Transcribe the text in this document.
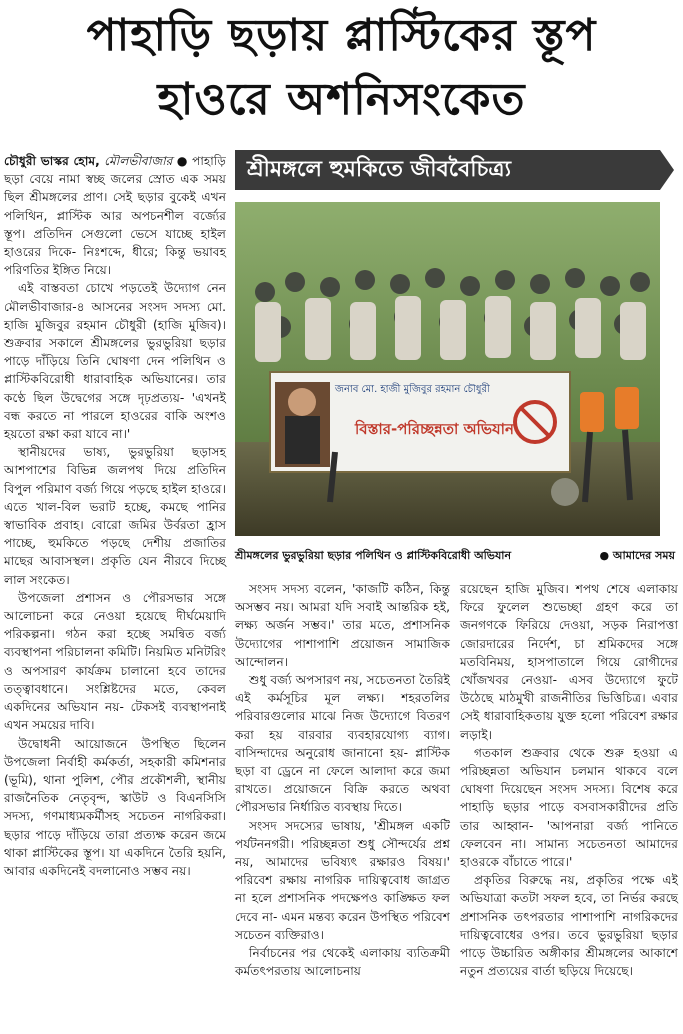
পাহাড়ি ছড়ায় প্লাস্টিকের স্তূপ
হাওরে অশনিসংকেত

চৌধুরী ভাস্কর হোম, মৌলভীবাজার ● পাহাড়ি ছড়া বেয়ে নামা স্বচ্ছ জলের স্রোত এক সময় ছিল শ্রীমঙ্গলের প্রাণ। সেই ছড়ার বুকেই এখন পলিথিন, প্লাস্টিক আর অপচনশীল বর্জ্যের স্তূপ। প্রতিদিন সেগুলো ভেসে যাচ্ছে হাইল হাওরের দিকে- নিঃশব্দে, ধীরে; কিন্তু ভয়াবহ পরিণতির ইঙ্গিত নিয়ে।

এই বাস্তবতা চোখে পড়তেই উদ্যোগ নেন মৌলভীবাজার-৪ আসনের সংসদ সদস্য মো. হাজি মুজিবুর রহমান চৌধুরী (হাজি মুজিব)। শুক্রবার সকালে শ্রীমঙ্গলের ভুরভুরিয়া ছড়ার পাড়ে দাঁড়িয়ে তিনি ঘোষণা দেন পলিথিন ও প্লাস্টিকবিরোধী ধারাবাহিক অভিযানের। তার কণ্ঠে ছিল উদ্বেগের সঙ্গে দৃঢ়প্রত্যয়- 'এখনই বন্ধ করতে না পারলে হাওরের বাকি অংশও হয়তো রক্ষা করা যাবে না।'

স্থানীয়দের ভাষ্য, ভুরভুরিয়া ছড়াসহ আশপাশের বিভিন্ন জলপথ দিয়ে প্রতিদিন বিপুল পরিমাণ বর্জ্য গিয়ে পড়ছে হাইল হাওরে। এতে খাল-বিল ভরাট হচ্ছে, কমছে পানির স্বাভাবিক প্রবাহ। বোরো জমির উর্বরতা হ্রাস পাচ্ছে, হুমকিতে পড়ছে দেশীয় প্রজাতির মাছের আবাসস্থল। প্রকৃতি যেন নীরবে দিচ্ছে লাল সংকেত।

উপজেলা প্রশাসন ও পৌরসভার সঙ্গে আলোচনা করে নেওয়া হয়েছে দীর্ঘমেয়াদি পরিকল্পনা। গঠন করা হচ্ছে সমন্বিত বর্জ্য ব্যবস্থাপনা পরিচালনা কমিটি। নিয়মিত মনিটরিং ও অপসারণ কার্যক্রম চালানো হবে তাদের তত্ত্বাবধানে। সংশ্লিষ্টদের মতে, কেবল একদিনের অভিযান নয়- টেকসই ব্যবস্থাপনাই এখন সময়ের দাবি।

উদ্বোধনী আয়োজনে উপস্থিত ছিলেন উপজেলা নির্বাহী কর্মকর্তা, সহকারী কমিশনার (ভূমি), থানা পুলিশ, পৌর প্রকৌশলী, স্থানীয় রাজনৈতিক নেতৃবৃন্দ, স্কাউট ও বিএনসিসি সদস্য, গণমাধ্যমকর্মীসহ সচেতন নাগরিকরা। ছড়ার পাড়ে দাঁড়িয়ে তারা প্রত্যক্ষ করেন জমে থাকা প্লাস্টিকের স্তূপ। যা একদিনে তৈরি হয়নি, আবার একদিনেই বদলানোও সম্ভব নয়।

শ্রীমঙ্গলে হুমকিতে জীববৈচিত্র্য
জনাব মো. হাজী মুজিবুর রহমান চৌধুরী
বিস্তার-পরিচ্ছন্নতা অভিযান
শ্রীমঙ্গলের ভুরভুরিয়া ছড়ার পলিথিন ও প্লাস্টিকবিরোধী অভিযান	● আমাদের সময়

সংসদ সদস্য বলেন, 'কাজটি কঠিন, কিন্তু অসম্ভব নয়। আমরা যদি সবাই আন্তরিক হই, লক্ষ্য অর্জন সম্ভব।' তার মতে, প্রশাসনিক উদ্যোগের পাশাপাশি প্রয়োজন সামাজিক আন্দোলন।

শুধু বর্জ্য অপসারণ নয়, সচেতনতা তৈরিই এই কর্মসূচির মূল লক্ষ্য। শহরতলির পরিবারগুলোর মাঝে নিজ উদ্যোগে বিতরণ করা হয় বারবার ব্যবহারযোগ্য ব্যাগ। বাসিন্দাদের অনুরোধ জানানো হয়- প্লাস্টিক ছড়া বা ড্রেনে না ফেলে আলাদা করে জমা রাখতে। প্রয়োজনে বিক্রি করতে অথবা পৌরসভার নির্ধারিত ব্যবস্থায় দিতে।

সংসদ সদস্যের ভাষায়, 'শ্রীমঙ্গল একটি পর্যটননগরী। পরিচ্ছন্নতা শুধু সৌন্দর্যের প্রশ্ন নয়, আমাদের ভবিষ্যৎ রক্ষারও বিষয়।' পরিবেশ রক্ষায় নাগরিক দায়িত্ববোধ জাগ্রত না হলে প্রশাসনিক পদক্ষেপও কাঙ্ক্ষিত ফল দেবে না- এমন মন্তব্য করেন উপস্থিত পরিবেশ সচেতন ব্যক্তিরাও।

নির্বাচনের পর থেকেই এলাকায় ব্যতিক্রমী কর্মতৎপরতায় আলোচনায়

রয়েছেন হাজি মুজিব। শপথ শেষে এলাকায় ফিরে ফুলেল শুভেচ্ছা গ্রহণ করে তা জনগণকে ফিরিয়ে দেওয়া, সড়ক নিরাপত্তা জোরদারের নির্দেশ, চা শ্রমিকদের সঙ্গে মতবিনিময়, হাসপাতালে গিয়ে রোগীদের খোঁজখবর নেওয়া- এসব উদ্যোগে ফুটে উঠেছে মাঠমুখী রাজনীতির ভিত্তিচিত্র। এবার সেই ধারাবাহিকতায় যুক্ত হলো পরিবেশ রক্ষার লড়াই।

গতকাল শুক্রবার থেকে শুরু হওয়া এ পরিচ্ছন্নতা অভিযান চলমান থাকবে বলে ঘোষণা দিয়েছেন সংসদ সদস্য। বিশেষ করে পাহাড়ি ছড়ার পাড়ে বসবাসকারীদের প্রতি তার আহ্বান- 'আপনারা বর্জ্য পানিতে ফেলবেন না। সামান্য সচেতনতা আমাদের হাওরকে বাঁচাতে পারে।'

প্রকৃতির বিরুদ্ধে নয়, প্রকৃতির পক্ষে এই অভিযাত্রা কতটা সফল হবে, তা নির্ভর করছে প্রশাসনিক তৎপরতার পাশাপাশি নাগরিকদের দায়িত্ববোধের ওপর। তবে ভুরভুরিয়া ছড়ার পাড়ে উচ্চারিত অঙ্গীকার শ্রীমঙ্গলের আকাশে নতুন প্রত্যয়ের বার্তা ছড়িয়ে দিয়েছে।
